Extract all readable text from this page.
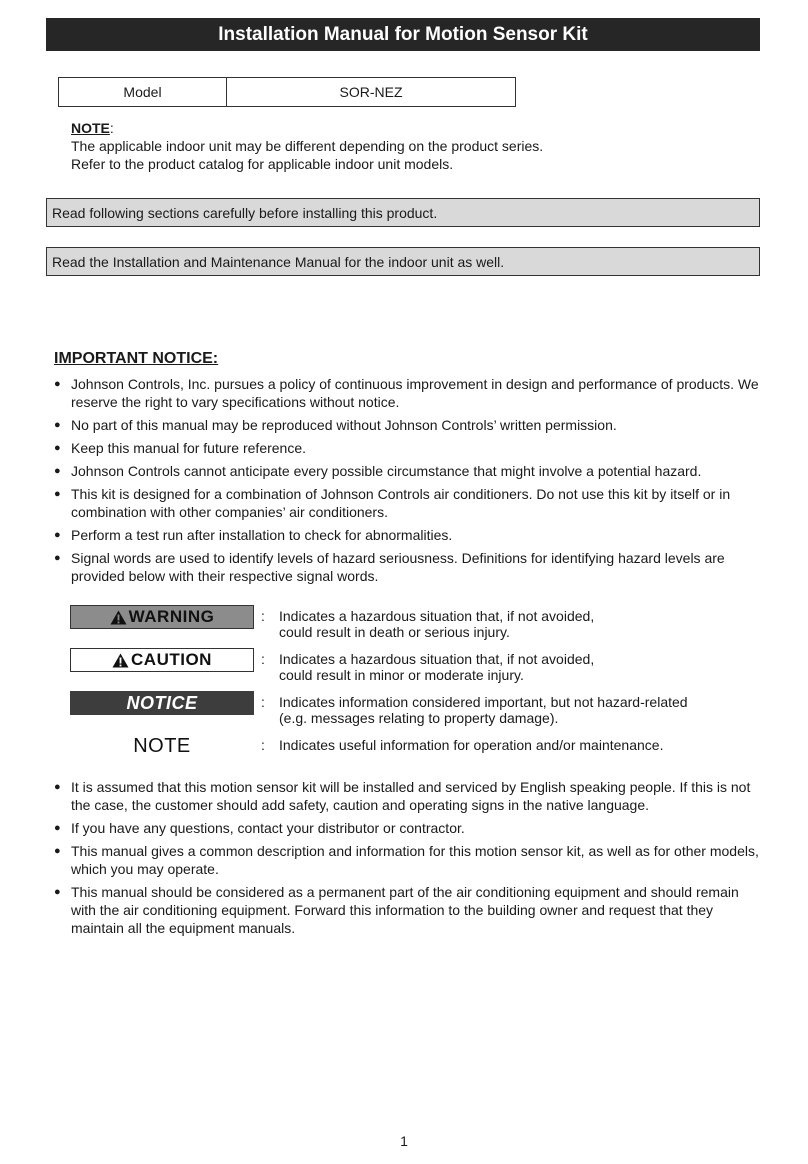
Installation Manual for Motion Sensor Kit
Model	SOR-NEZ
NOTE:
The applicable indoor unit may be different depending on the product series.
Refer to the product catalog for applicable indoor unit models.
Read following sections carefully before installing this product.
Read the Installation and Maintenance Manual for the indoor unit as well.
IMPORTANT NOTICE:
● Johnson Controls, Inc. pursues a policy of continuous improvement in design and performance of products. We reserve the right to vary specifications without notice.
● No part of this manual may be reproduced without Johnson Controls’ written permission.
● Keep this manual for future reference.
● Johnson Controls cannot anticipate every possible circumstance that might involve a potential hazard.
● This kit is designed for a combination of Johnson Controls air conditioners. Do not use this kit by itself or in combination with other companies’ air conditioners.
● Perform a test run after installation to check for abnormalities.
● Signal words are used to identify levels of hazard seriousness. Definitions for identifying hazard levels are provided below with their respective signal words.
WARNING	: Indicates a hazardous situation that, if not avoided,
could result in death or serious injury.
CAUTION	: Indicates a hazardous situation that, if not avoided,
could result in minor or moderate injury.
NOTICE	: Indicates information considered important, but not hazard-related
(e.g. messages relating to property damage).
NOTE	: Indicates useful information for operation and/or maintenance.
● It is assumed that this motion sensor kit will be installed and serviced by English speaking people. If this is not the case, the customer should add safety, caution and operating signs in the native language.
● If you have any questions, contact your distributor or contractor.
● This manual gives a common description and information for this motion sensor kit, as well as for other models, which you may operate.
● This manual should be considered as a permanent part of the air conditioning equipment and should remain with the air conditioning equipment. Forward this information to the building owner and request that they maintain all the equipment manuals.
1
